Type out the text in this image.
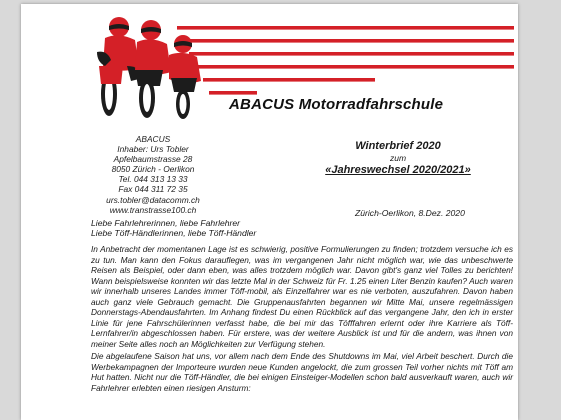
ABACUS Motorradfahrschule
ABACUS
Inhaber: Urs Tobler
Apfelbaumstrasse 28
8050 Zürich - Oerlikon
Tel. 044 313 13 33
Fax 044 311 72 35
urs.tobler@datacomm.ch
www.transtrasse100.ch
Winterbrief 2020
zum
«Jahreswechsel 2020/2021»
Zürich-Oerlikon, 8.Dez. 2020
Liebe Fahrlehrerinnen, liebe Fahrlehrer
Liebe Töff-Händlerinnen, liebe Töff-Händler

In Anbetracht der momentanen Lage ist es schwierig, positive Formulierungen zu finden; trotzdem versuche ich es zu tun. Man kann den Fokus darauflegen, was im vergangenen Jahr nicht möglich war, wie das unbeschwerte Reisen als Beispiel, oder dann eben, was alles trotzdem möglich war. Davon gibt's ganz viel Tolles zu berichten! Wann beispielsweise konnten wir das letzte Mal in der Schweiz für Fr. 1.25 einen Liter Benzin kaufen? Auch waren wir innerhalb unseres Landes immer Töff-mobil, als Einzelfahrer war es nie verboten, auszufahren. Davon haben auch ganz viele Gebrauch gemacht. Die Gruppenausfahrten begannen wir Mitte Mai, unsere regelmässigen Donnerstags-Abendausfahrten. Im Anhang findest Du einen Rückblick auf das vergangene Jahr, den ich in erster Linie für jene Fahrschülerinnen verfasst habe, die bei mir das Töfffahren erlernt oder ihre Karriere als Töff-Lernfahrer/in abgeschlossen haben. Für erstere, was der weitere Ausblick ist und für die andern, was ihnen von meiner Seite alles noch an Möglichkeiten zur Verfügung stehen.

Die abgelaufene Saison hat uns, vor allem nach dem Ende des Shutdowns im Mai, viel Arbeit beschert. Durch die Werbekampagnen der Importeure wurden neue Kunden angelockt, die zum grossen Teil vorher nichts mit Töff am Hut hatten. Nicht nur die Töff-Händler, die bei einigen Einsteiger-Modellen schon bald ausverkauft waren, auch wir Fahrlehrer erlebten einen riesigen Ansturm:
